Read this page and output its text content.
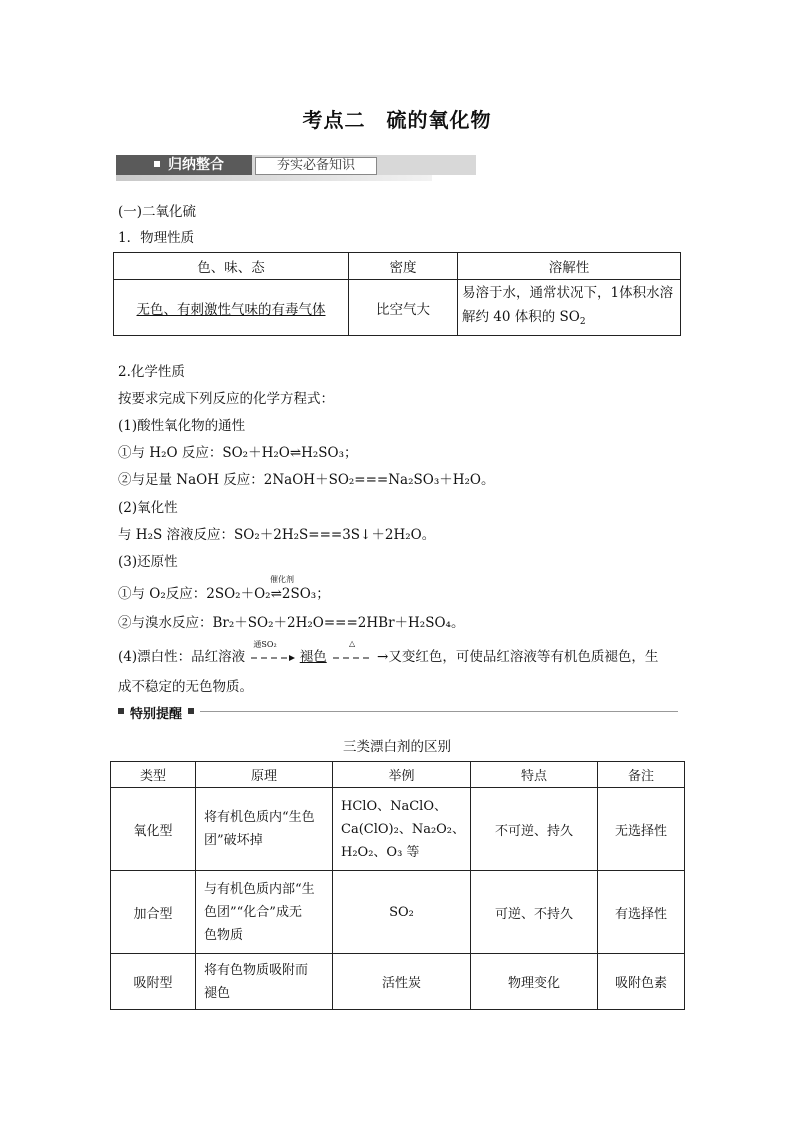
考点二　硫的氧化物
归纳整合	夯实必备知识
(一)二氧化硫
1．物理性质
色、味、态	密度	溶解性
无色、有刺激性气味的有毒气体	比空气大	易溶于水，通常状况下，1体积水溶
解约 40 体积的 $SO_2$
2.化学性质
按要求完成下列反应的化学方程式：
(1)酸性氧化物的通性
①与 H₂O 反应：SO₂＋H₂O⇌H₂SO₃；
②与足量 NaOH 反应：2NaOH＋SO₂===Na₂SO₃＋H₂O。
(2)氧化性
与 H₂S 溶液反应：SO₂＋2H₂S===3S↓＋2H₂O。
(3)还原性
催化剂
①与 O₂反应：2SO₂＋O₂⇌2SO₃；
②与溴水反应：Br₂＋SO₂＋2H₂O===2HBr＋H₂SO₄。
(4)漂白性：品红溶液
通SO₂
褪色
△
→又变红色，可使品红溶液等有机色质褪色，生
成不稳定的无色物质。
特别提醒
三类漂白剂的区别
类型	原理	举例	特点	备注
氧化型	将有机色质内“生色
团”破坏掉	HClO、NaClO、
Ca(ClO)₂、Na₂O₂、
H₂O₂、O₃ 等	不可逆、持久	无选择性
加合型	与有机色质内部“生
色团”“化合”成无
色物质	SO₂	可逆、不持久	有选择性
吸附型	将有色物质吸附而
褪色	活性炭	物理变化	吸附色素
